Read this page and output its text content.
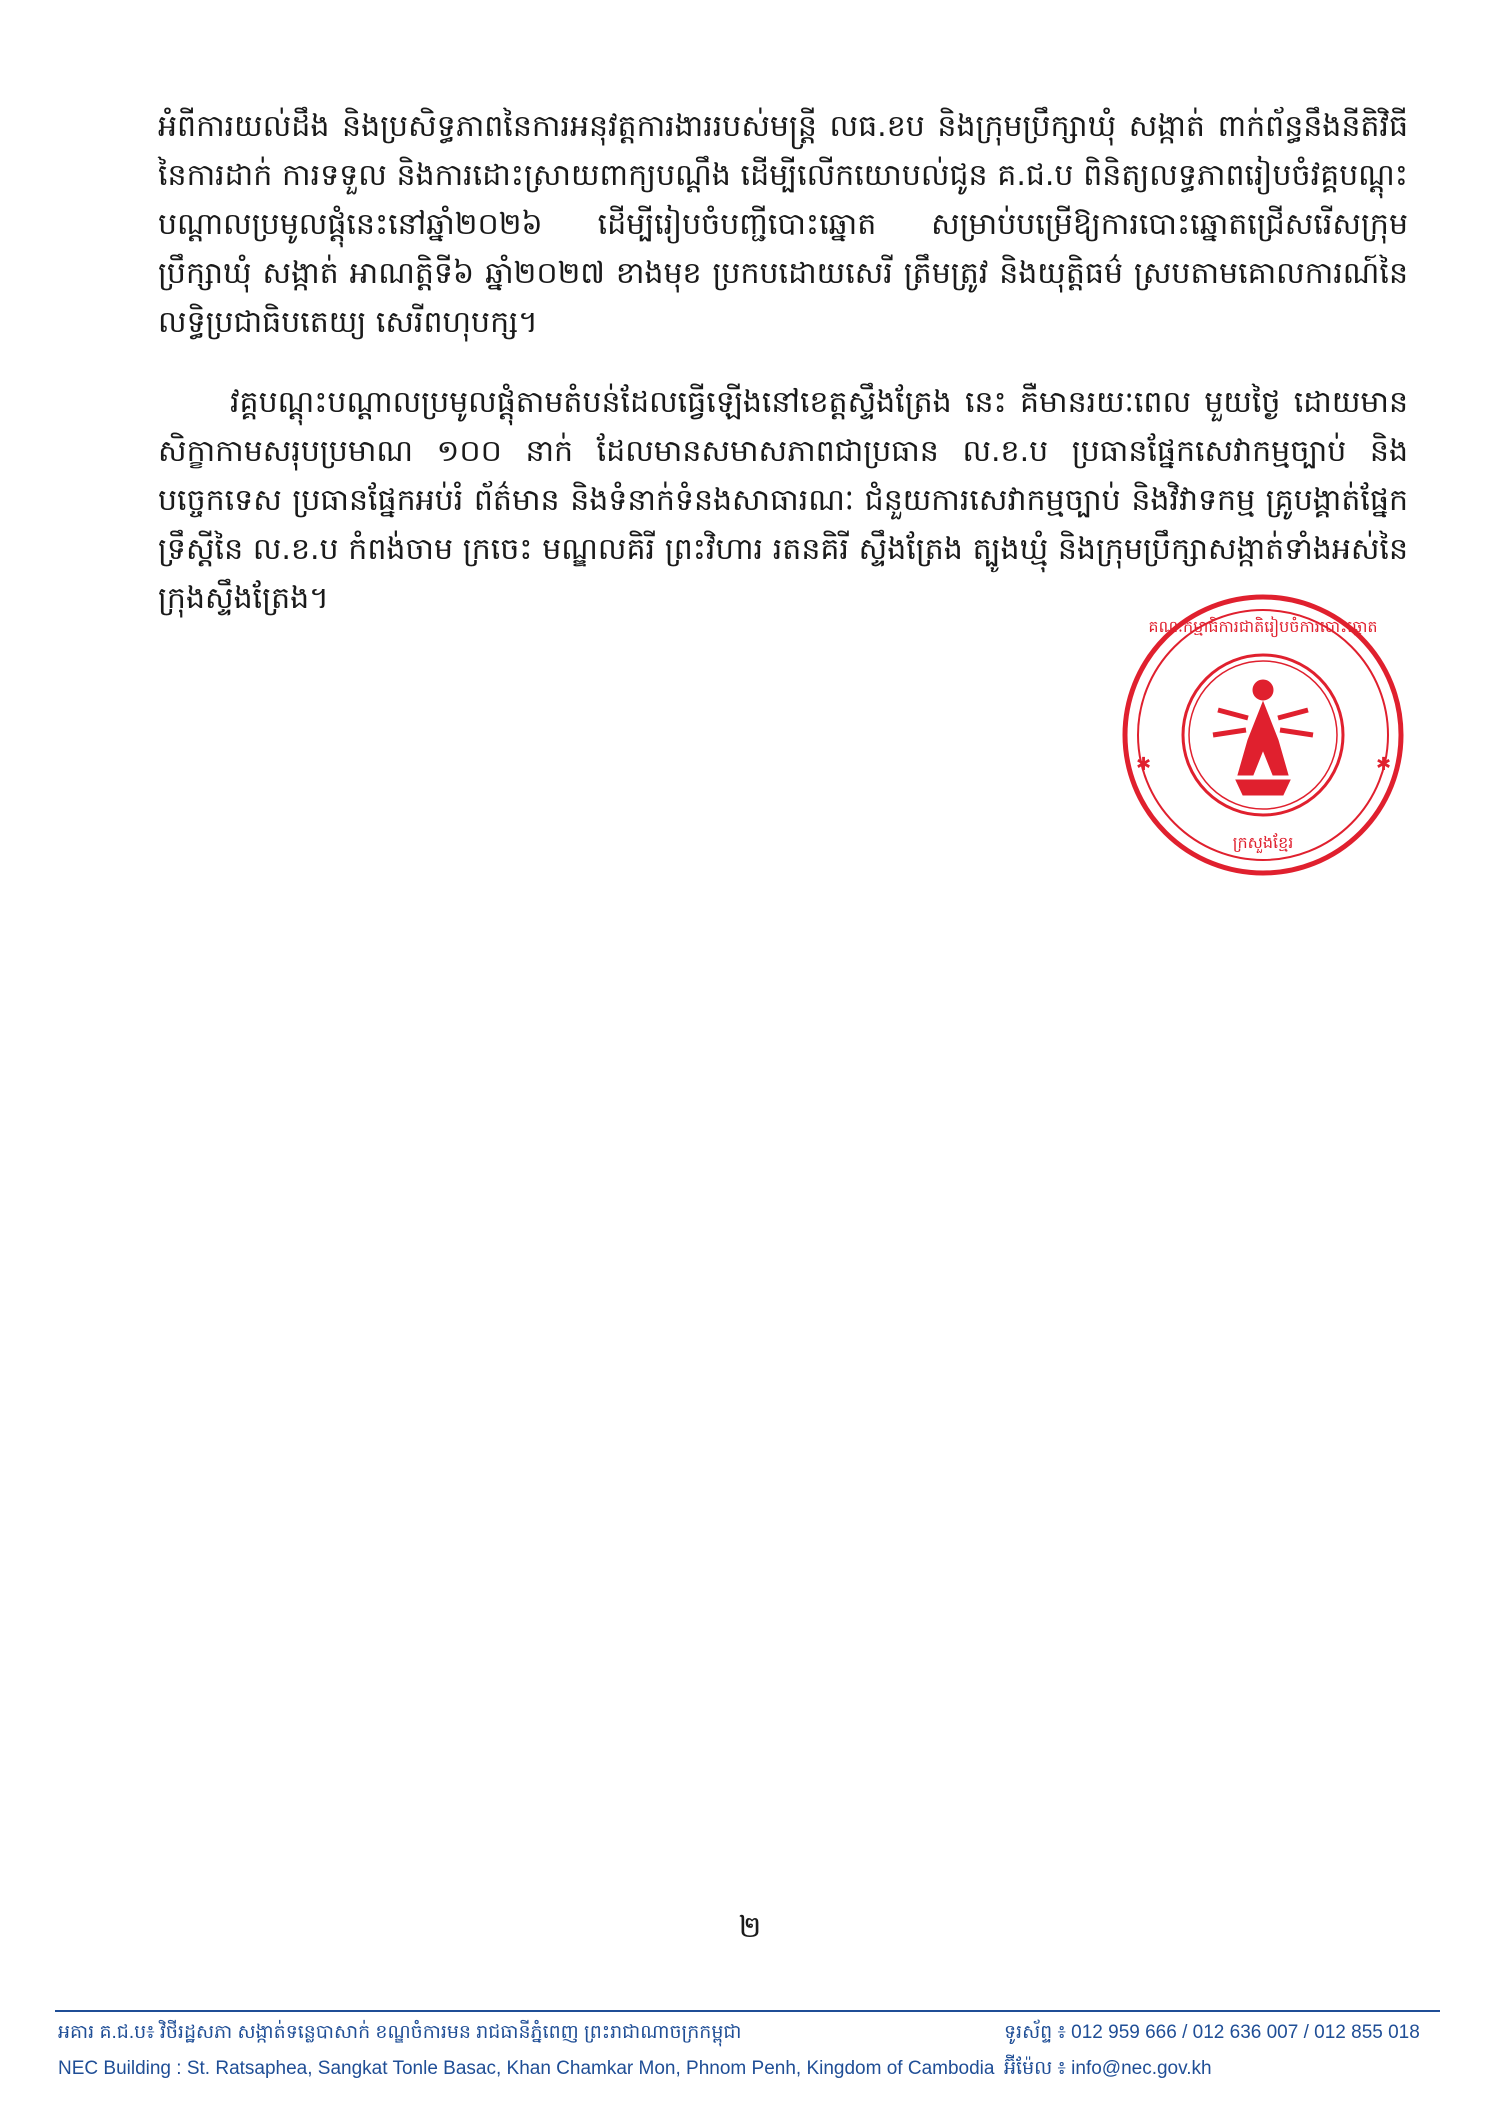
អំពីការយល់ដឹង និងប្រសិទ្ធភាពនៃការអនុវត្តការងាររបស់មន្ត្រី លធ.ខប និងក្រុមប្រឹក្សាឃុំ សង្កាត់ ពាក់ព័ន្ធនឹងនីតិវិធីនៃការដាក់ ការទទួល និងការដោះស្រាយពាក្យបណ្តឹង ដើម្បីលើកយោបល់ជូន គ.ជ.ប ពិនិត្យលទ្ធភាពរៀបចំវគ្គបណ្តុះបណ្តាលប្រមូលផ្តុំនេះនៅឆ្នាំ២០២៦ ដើម្បីរៀបចំបញ្ជីបោះឆ្នោត សម្រាប់បម្រើឱ្យការបោះឆ្នោតជ្រើសរើសក្រុមប្រឹក្សាឃុំ សង្កាត់ អាណត្តិទី៦ ឆ្នាំ២០២៧ ខាងមុខ ប្រកបដោយសេរី ត្រឹមត្រូវ និងយុត្តិធម៌ ស្របតាមគោលការណ៍នៃលទ្ធិប្រជាធិបតេយ្យ សេរីពហុបក្ស។
វគ្គបណ្តុះបណ្តាលប្រមូលផ្តុំតាមតំបន់ដែលធ្វើឡើងនៅខេត្តស្ទឹងត្រែង នេះ គឺមានរយៈពេល មួយថ្ងៃ ដោយមានសិក្ខាកាមសរុបប្រមាណ ១០០ នាក់ ដែលមានសមាសភាពជាប្រធាន ល.ខ.ប ប្រធានផ្នែកសេវាកម្មច្បាប់ និងបច្ចេកទេស ប្រធានផ្នែកអប់រំ ព័ត៌មាន និងទំនាក់ទំនងសាធារណៈ ជំនួយការសេវាកម្មច្បាប់ និងវិវាទកម្ម គ្រូបង្គាត់ផ្នែកទ្រឹស្តីនៃ ល.ខ.ប កំពង់ចាម ក្រចេះ មណ្ឌលគិរី ព្រះវិហារ រតនគិរី ស្ទឹងត្រែង ត្បូងឃ្មុំ និងក្រុមប្រឹក្សាសង្កាត់ទាំងអស់នៃក្រុងស្ទឹងត្រែង។
✱	✱
គណៈកម្មាធិការជាតិរៀបចំការបោះឆ្នោត
ក្រសួងខ្មែរ
២
អគារ គ.ជ.ប៖ វិថីរដ្ឋសភា សង្កាត់ទន្លេបាសាក់ ខណ្ឌចំការមន រាជធានីភ្នំពេញ ព្រះរាជាណាចក្រកម្ពុជា
NEC Building : St. Ratsaphea, Sangkat Tonle Basac, Khan Chamkar Mon, Phnom Penh, Kingdom of Cambodia
ទូរស័ព្ទ ៖ 012 959 666 / 012 636 007 / 012 855 018
អ៊ីម៉ែល ៖ info@nec.gov.kh
